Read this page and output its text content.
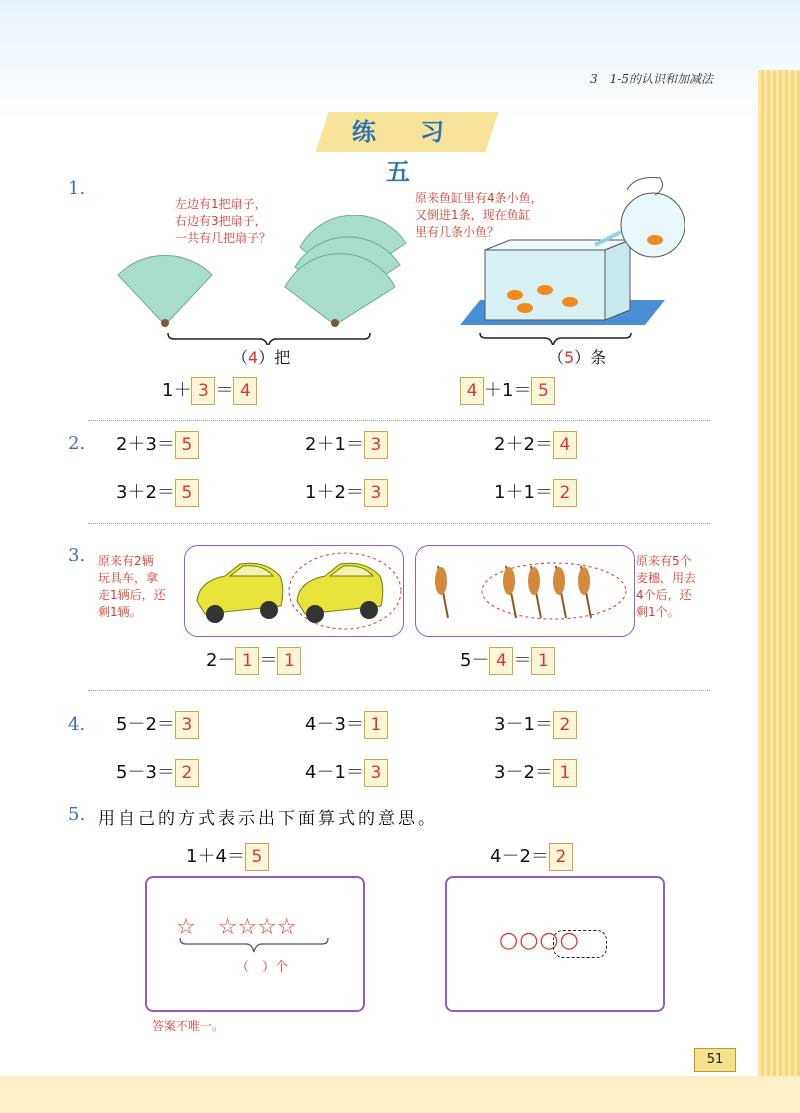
3　1-5的认识和加减法
练 习 五
1.
左边有1把扇子，
右边有3把扇子，
一共有几把扇子？
（4）把
1＋ 3 ＝ 4
原来鱼缸里有4条小鱼，
又倒进1条，现在鱼缸
里有几条小鱼？
（5）条
4 ＋1＝ 5
2. 2＋3＝ 5	2＋1＝ 3	2＋2＝ 4
3＋2＝ 5	1＋2＝ 3	1＋1＝ 2
3. 原来有2辆
玩具车，拿
走1辆后，还
剩1辆。
原来有5个
麦穗，用去
4个后，还
剩1个。
2－ 1 ＝ 1	5－ 4 ＝ 1
4. 5－2＝ 3	4－3＝ 1	3－1＝ 2
5－3＝ 2	4－1＝ 3	3－2＝ 1
5. 用自己的方式表示出下面算式的意思。
1＋4＝ 5	4－2＝ 2
☆　☆☆☆☆
（　）个
○○○○
答案不唯一。
51
